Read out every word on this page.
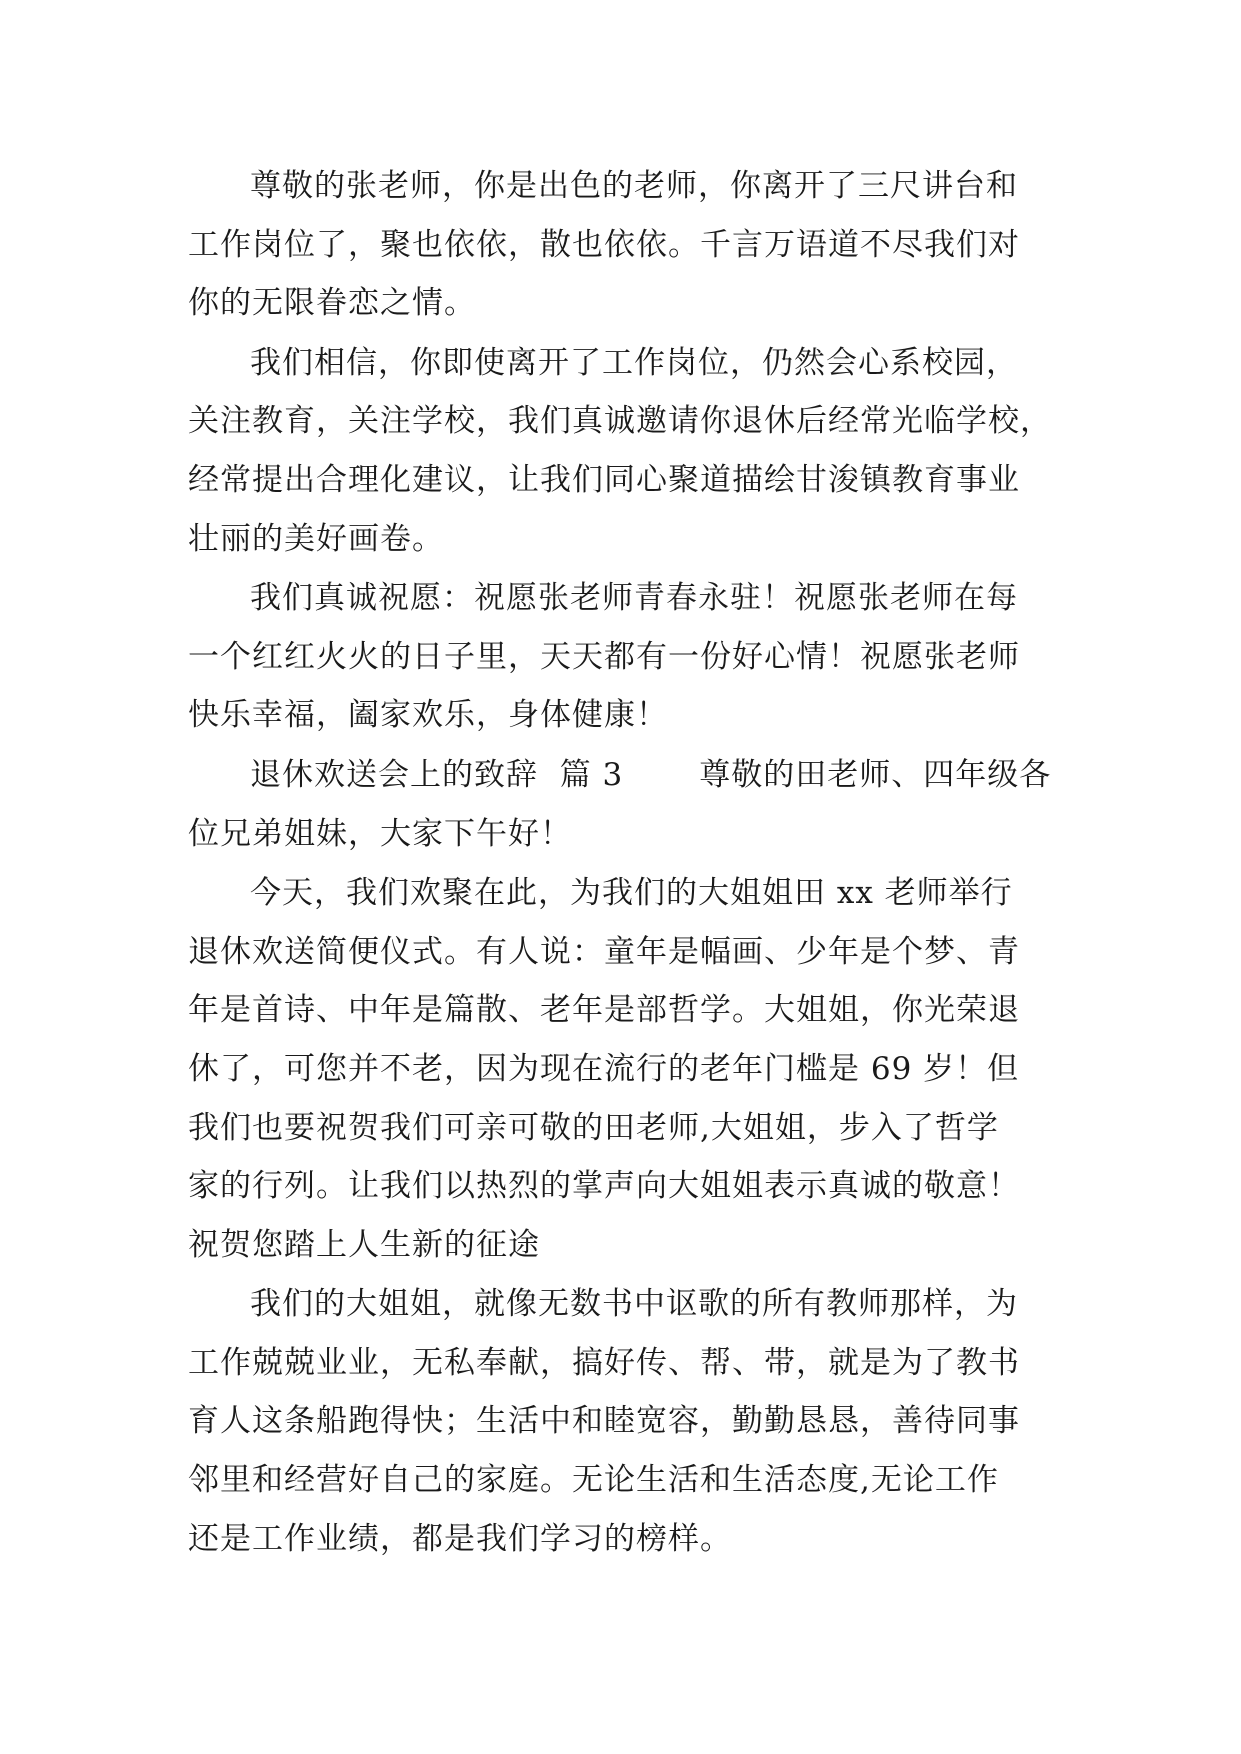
尊敬的张老师，你是出色的老师，你离开了三尺讲台和
工作岗位了，聚也依依，散也依依。千言万语道不尽我们对
你的无限眷恋之情。

我们相信，你即使离开了工作岗位，仍然会心系校园，
关注教育，关注学校，我们真诚邀请你退休后经常光临学校，
经常提出合理化建议，让我们同心聚道描绘甘浚镇教育事业
壮丽的美好画卷。

我们真诚祝愿：祝愿张老师青春永驻！祝愿张老师在每
一个红红火火的日子里，天天都有一份好心情！祝愿张老师
快乐幸福，阖家欢乐，身体健康！

退休欢送会上的致辞  篇 3       尊敬的田老师、四年级各
位兄弟姐妹，大家下午好！

今天，我们欢聚在此，为我们的大姐姐田 xx 老师举行
退休欢送简便仪式。有人说：童年是幅画、少年是个梦、青
年是首诗、中年是篇散、老年是部哲学。大姐姐，你光荣退
休了，可您并不老，因为现在流行的老年门槛是 69 岁！但
我们也要祝贺我们可亲可敬的田老师,大姐姐，步入了哲学
家的行列。让我们以热烈的掌声向大姐姐表示真诚的敬意！
祝贺您踏上人生新的征途

我们的大姐姐，就像无数书中讴歌的所有教师那样，为
工作兢兢业业，无私奉献，搞好传、帮、带，就是为了教书
育人这条船跑得快；生活中和睦宽容，勤勤恳恳，善待同事
邻里和经营好自己的家庭。无论生活和生活态度,无论工作
还是工作业绩，都是我们学习的榜样。
